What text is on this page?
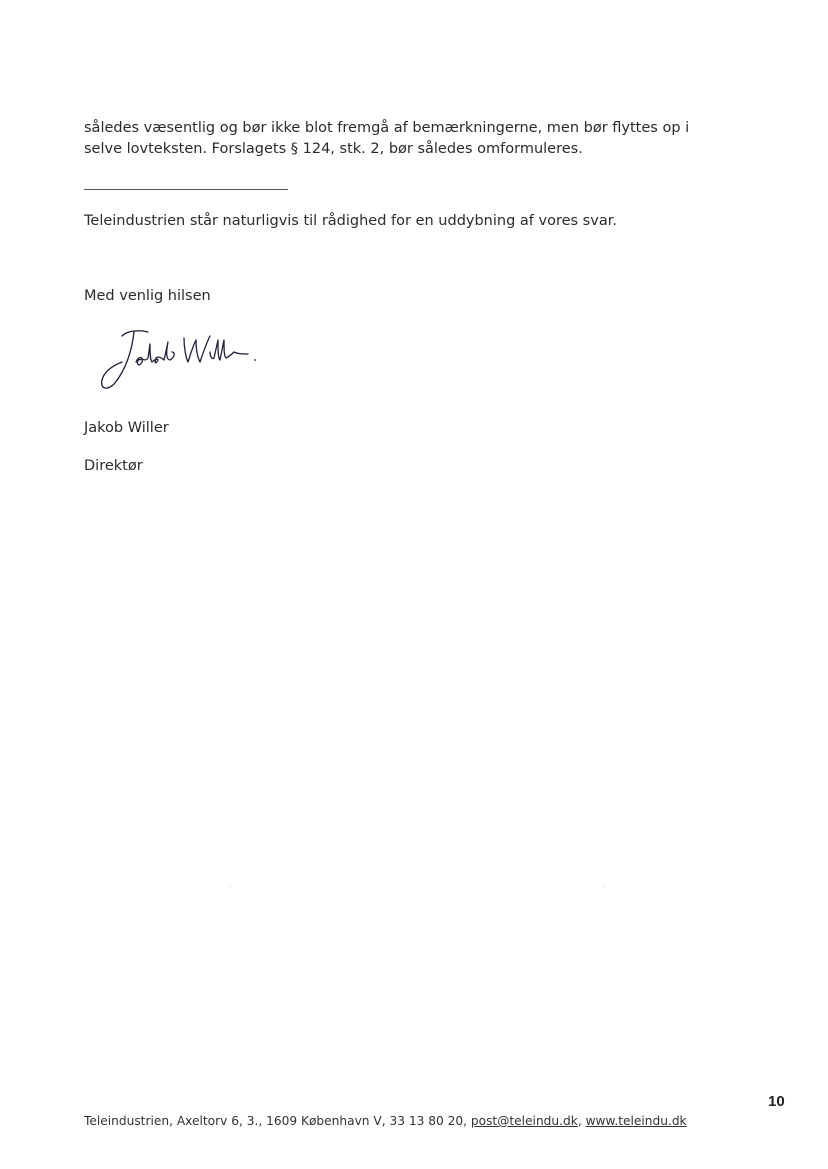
således væsentlig og bør ikke blot fremgå af bemærkningerne, men bør flyttes op i
selve lovteksten. Forslagets § 124, stk. 2, bør således omformuleres.
Teleindustrien står naturligvis til rådighed for en uddybning af vores svar.
Med venlig hilsen
Jakob Willer
Direktør
10
Teleindustrien, Axeltorv 6, 3., 1609 København V, 33 13 80 20, post@teleindu.dk, www.teleindu.dk
